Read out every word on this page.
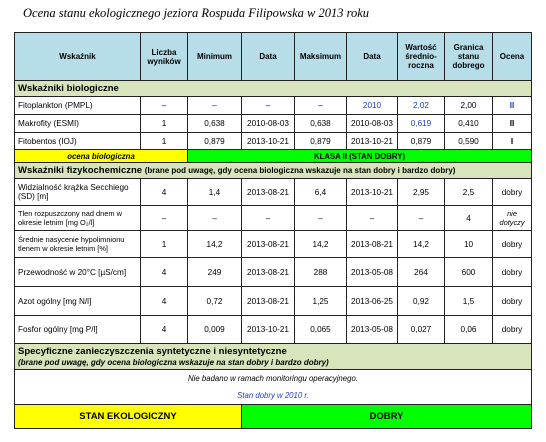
Ocena stanu ekologicznego jeziora Rospuda Filipowska w 2013 roku
Wskaźnik	Liczba wyników	Minimum	Data	Maksimum	Data	Wartość średnio-roczna	Granica stanu dobrego	Ocena
Wskaźniki biologiczne								
Fitoplankton (PMPL)	–	–	–	–	2010	2,02	2,00	II
Makrofity (ESMI)	1	0,638	2010-08-03	0,638	2010-08-03	0,619	0,410	II
Fitobentos (IOJ)	1	0,879	2013-10-21	0,879	2013-10-21	0,879	0,590	I
ocena biologiczna		KLASA II (STAN DOBRY)						
Wskaźniki fizykochemiczne (brane pod uwagę, gdy ocena biologiczna wskazuje na stan dobry i bardzo dobry)								
Widzialność krążka Secchiego (SD) [m]	4	1,4	2013-08-21	6,4	2013-10-21	2,95	2,5	dobry
Tlen rozpuszczony nad dnem w okresie letnim [mg O₂/l]	–	–	–	–	–	–	4	nie dotyczy
Średnie nasycenie hypolimnionu tlenem w okresie letnim [%]	1	14,2	2013-08-21	14,2	2013-08-21	14,2	10	dobry
Przewodność w 20°C [µS/cm]	4	249	2013-08-21	288	2013-05-08	264	600	dobry
Azot ogólny [mg N/l]	4	0,72	2013-08-21	1,25	2013-06-25	0,92	1,5	dobry
Fosfor ogólny [mg P/l]	4	0,009	2013-10-21	0,065	2013-05-08	0,027	0,06	dobry

Specyficzne zanieczyszczenia syntetyczne i niesyntetyczne
(brane pod uwagę, gdy ocena biologiczna wskazuje na stan dobry i bardzo dobry)								

Nie badano w ramach monitoringu operacyjnego.
Stan dobry w 2010 r.								

STAN EKOLOGICZNY			DOBRY					
